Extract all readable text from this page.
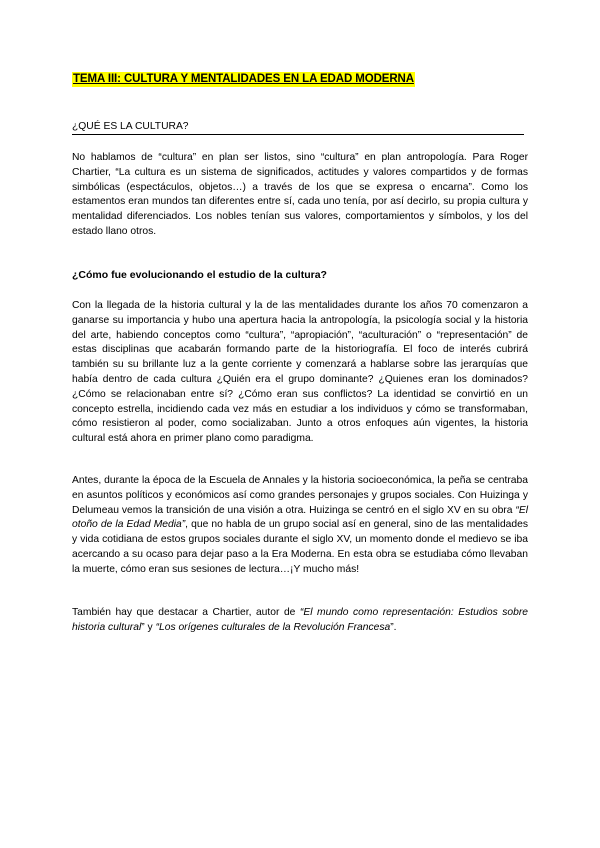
TEMA III: CULTURA Y MENTALIDADES EN LA EDAD MODERNA
¿QUÉ ES LA CULTURA?

No hablamos de “cultura” en plan ser listos, sino “cultura” en plan antropología. Para Roger Chartier, “La cultura es un sistema de significados, actitudes y valores compartidos y de formas simbólicas (espectáculos, objetos…) a través de los que se expresa o encarna”. Como los estamentos eran mundos tan diferentes entre sí, cada uno tenía, por así decirlo, su propia cultura y mentalidad diferenciados. Los nobles tenían sus valores, comportamientos y símbolos, y los del estado llano otros.

¿Cómo fue evolucionando el estudio de la cultura?

Con la llegada de la historia cultural y la de las mentalidades durante los años 70 comenzaron a ganarse su importancia y hubo una apertura hacia la antropología, la psicología social y la historia del arte, habiendo conceptos como “cultura”, “apropiación”, “aculturación” o “representación” de estas disciplinas que acabarán formando parte de la historiografía. El foco de interés cubrirá también su su brillante luz a la gente corriente y comenzará a hablarse sobre las jerarquías que había dentro de cada cultura ¿Quién era el grupo dominante? ¿Quienes eran los dominados? ¿Cómo se relacionaban entre sí? ¿Cómo eran sus conflictos? La identidad se convirtió en un concepto estrella, incidiendo cada vez más en estudiar a los individuos y cómo se transformaban, cómo resistieron al poder, como socializaban. Junto a otros enfoques aún vigentes, la historia cultural está ahora en primer plano como paradigma.

Antes, durante la época de la Escuela de Annales y la historia socioeconómica, la peña se centraba en asuntos políticos y económicos así como grandes personajes y grupos sociales. Con Huizinga y Delumeau vemos la transición de una visión a otra. Huizinga se centró en el siglo XV en su obra “El otoño de la Edad Media”, que no habla de un grupo social así en general, sino de las mentalidades y vida cotidiana de estos grupos sociales durante el siglo XV, un momento donde el medievo se iba acercando a su ocaso para dejar paso a la Era Moderna. En esta obra se estudiaba cómo llevaban la muerte, cómo eran sus sesiones de lectura…¡Y mucho más!

También hay que destacar a Chartier, autor de “El mundo como representación: Estudios sobre historia cultural” y “Los orígenes culturales de la Revolución Francesa”.
